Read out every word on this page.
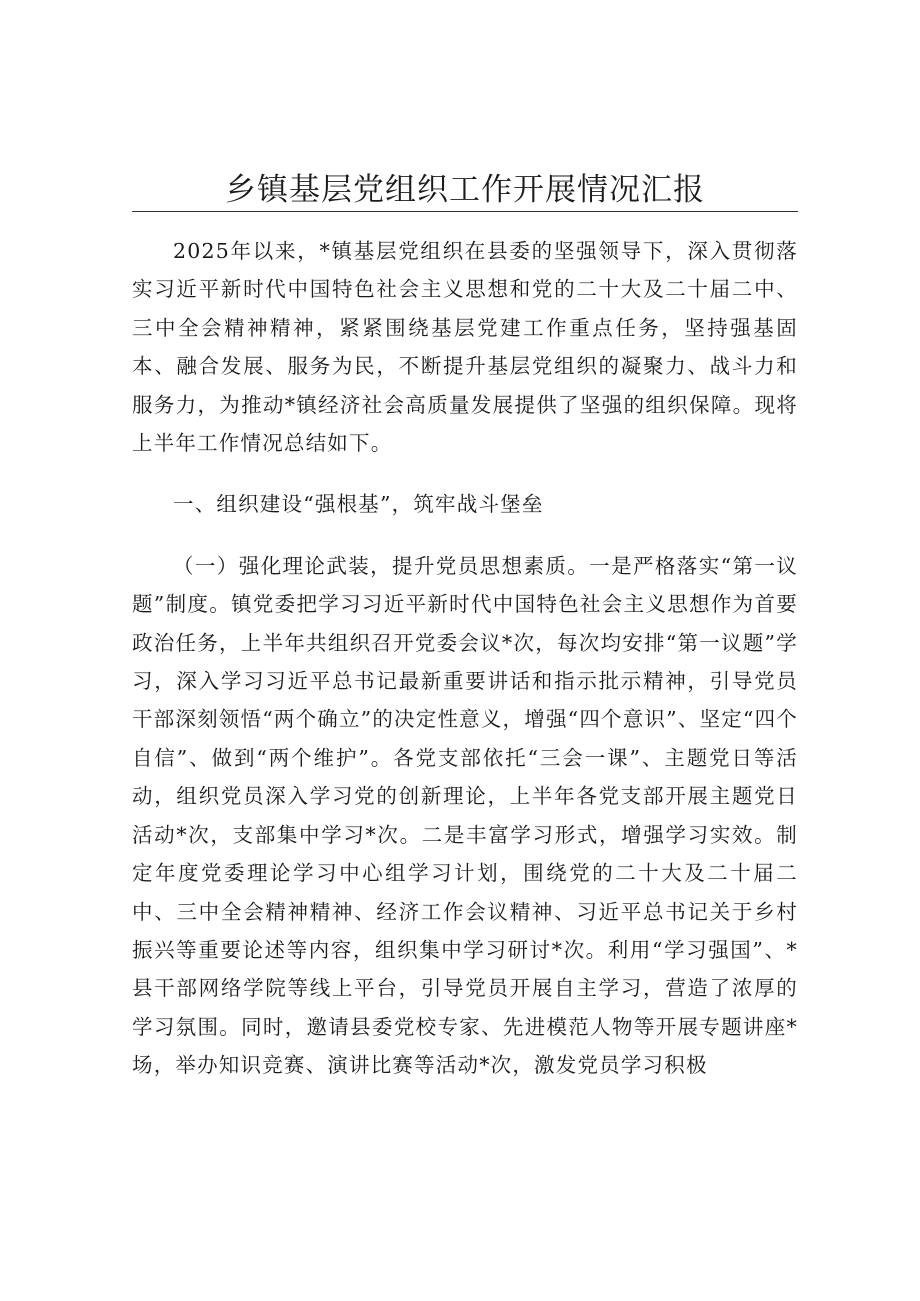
乡镇基层党组织工作开展情况汇报

2025年以来，*镇基层党组织在县委的坚强领导下，深入贯彻落实习近平新时代中国特色社会主义思想和党的二十大及二十届二中、三中全会精神精神，紧紧围绕基层党建工作重点任务，坚持强基固本、融合发展、服务为民，不断提升基层党组织的凝聚力、战斗力和服务力，为推动*镇经济社会高质量发展提供了坚强的组织保障。现将上半年工作情况总结如下。

一、组织建设“强根基”，筑牢战斗堡垒

（一）强化理论武装，提升党员思想素质。一是严格落实“第一议题”制度。镇党委把学习习近平新时代中国特色社会主义思想作为首要政治任务，上半年共组织召开党委会议*次，每次均安排“第一议题”学习，深入学习习近平总书记最新重要讲话和指示批示精神，引导党员干部深刻领悟“两个确立”的决定性意义，增强“四个意识”、坚定“四个自信”、做到“两个维护”。各党支部依托“三会一课”、主题党日等活动，组织党员深入学习党的创新理论，上半年各党支部开展主题党日活动*次，支部集中学习*次。二是丰富学习形式，增强学习实效。制定年度党委理论学习中心组学习计划，围绕党的二十大及二十届二中、三中全会精神精神、经济工作会议精神、习近平总书记关于乡村振兴等重要论述等内容，组织集中学习研讨*次。利用“学习强国”、*县干部网络学院等线上平台，引导党员开展自主学习，营造了浓厚的学习氛围。同时，邀请县委党校专家、先进模范人物等开展专题讲座*场，举办知识竞赛、演讲比赛等活动*次，激发党员学习积极
